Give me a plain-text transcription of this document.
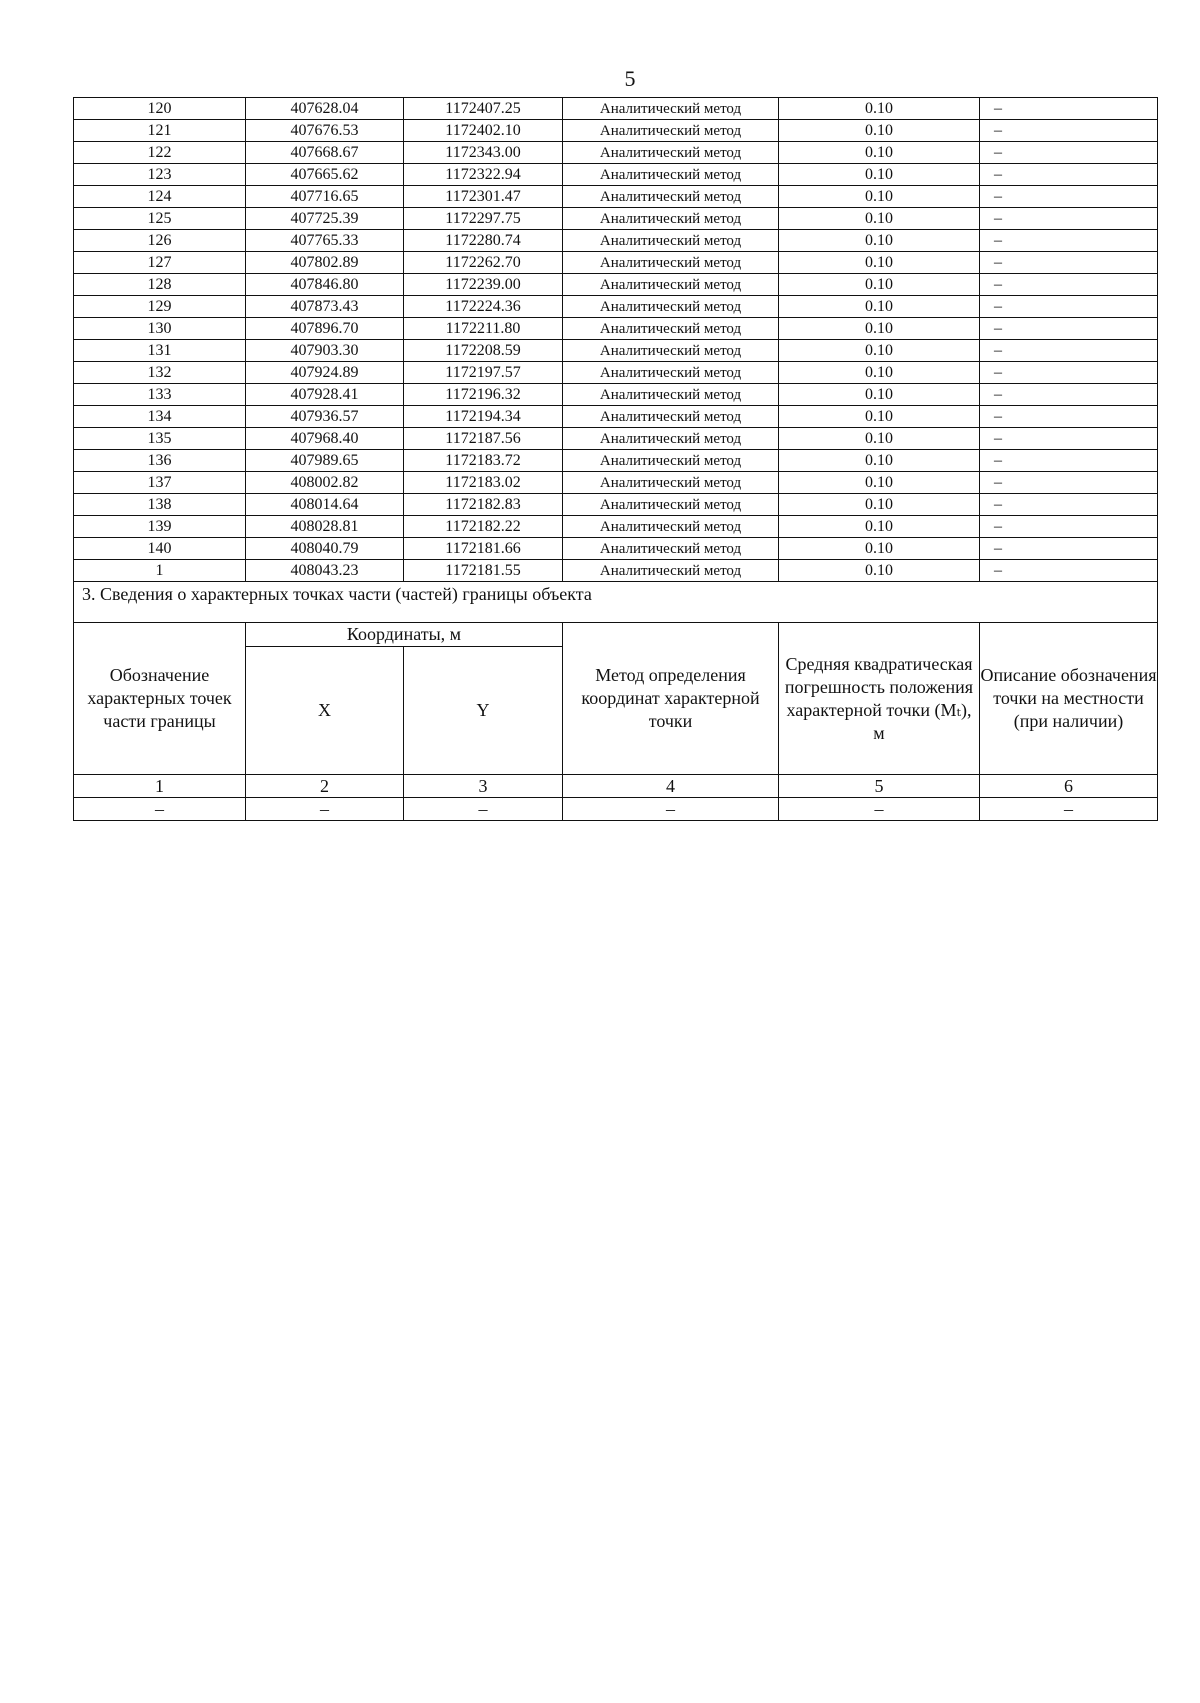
5
120	407628.04	1172407.25	Аналитический метод	0.10	–
121	407676.53	1172402.10	Аналитический метод	0.10	–
122	407668.67	1172343.00	Аналитический метод	0.10	–
123	407665.62	1172322.94	Аналитический метод	0.10	–
124	407716.65	1172301.47	Аналитический метод	0.10	–
125	407725.39	1172297.75	Аналитический метод	0.10	–
126	407765.33	1172280.74	Аналитический метод	0.10	–
127	407802.89	1172262.70	Аналитический метод	0.10	–
128	407846.80	1172239.00	Аналитический метод	0.10	–
129	407873.43	1172224.36	Аналитический метод	0.10	–
130	407896.70	1172211.80	Аналитический метод	0.10	–
131	407903.30	1172208.59	Аналитический метод	0.10	–
132	407924.89	1172197.57	Аналитический метод	0.10	–
133	407928.41	1172196.32	Аналитический метод	0.10	–
134	407936.57	1172194.34	Аналитический метод	0.10	–
135	407968.40	1172187.56	Аналитический метод	0.10	–
136	407989.65	1172183.72	Аналитический метод	0.10	–
137	408002.82	1172183.02	Аналитический метод	0.10	–
138	408014.64	1172182.83	Аналитический метод	0.10	–
139	408028.81	1172182.22	Аналитический метод	0.10	–
140	408040.79	1172181.66	Аналитический метод	0.10	–
1	408043.23	1172181.55	Аналитический метод	0.10	–
3. Сведения о характерных точках части (частей) границы объекта					
Обозначение характерных точек части границы	Координаты, м		Метод определения координат характерной точки	Средняя квадратическая погрешность положения характерной точки (Mₜ), м	Описание обозначения точки на местности (при наличии)
	X	Y			
1	2	3	4	5	6
–	–	–	–	–	–
